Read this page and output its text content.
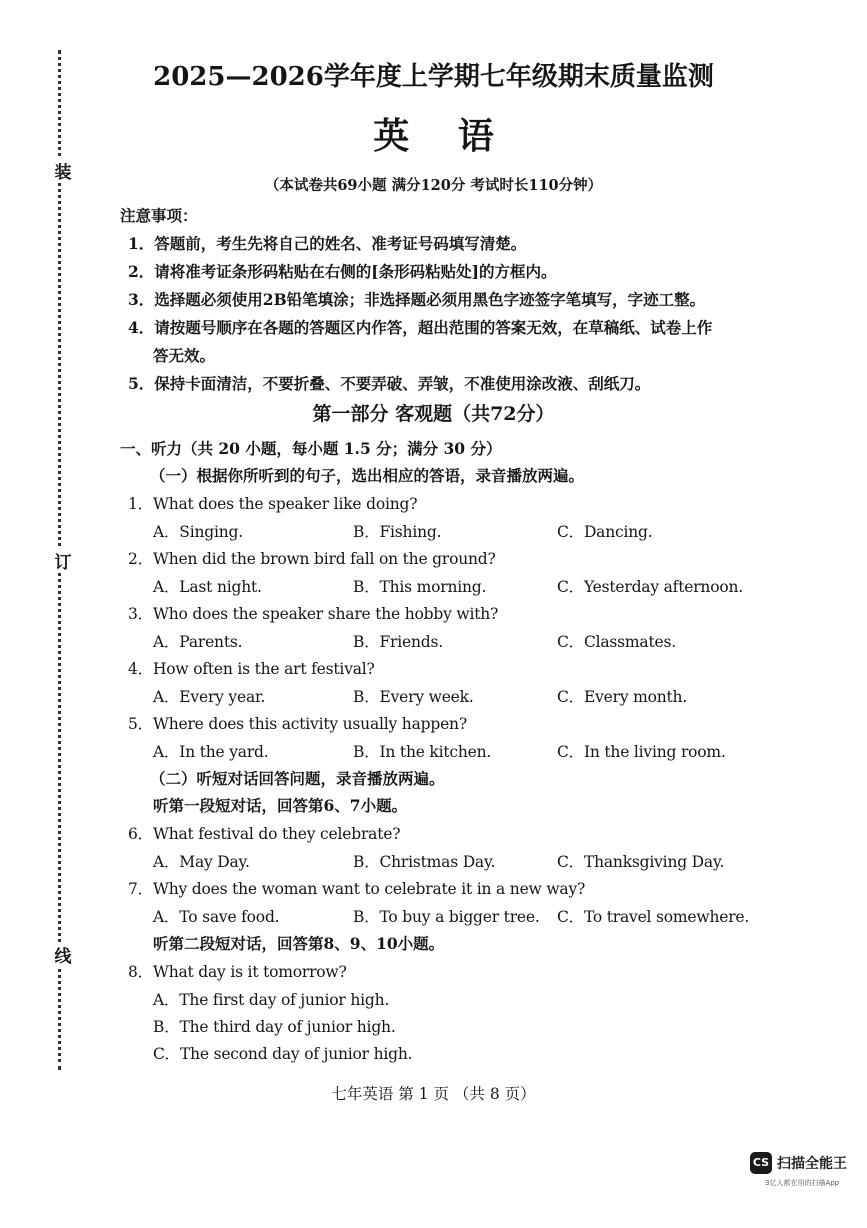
装
订
线
2025—2026学年度上学期七年级期末质量监测
英 语
（本试卷共69小题 满分120分 考试时长110分钟）
注意事项：
1．答题前，考生先将自己的姓名、准考证号码填写清楚。
2．请将准考证条形码粘贴在右侧的[条形码粘贴处]的方框内。
3．选择题必须使用2B铅笔填涂；非选择题必须用黑色字迹签字笔填写，字迹工整。
4．请按题号顺序在各题的答题区内作答，超出范围的答案无效，在草稿纸、试卷上作
答无效。
5．保持卡面清洁，不要折叠、不要弄破、弄皱，不准使用涂改液、刮纸刀。
第一部分 客观题（共72分）
一、听力（共 20 小题，每小题 1.5 分；满分 30 分）
（一）根据你所听到的句子，选出相应的答语，录音播放两遍。
1．What does the speaker like doing?
A．Singing.	B．Fishing.	C．Dancing.
2．When did the brown bird fall on the ground?
A．Last night.	B．This morning.	C．Yesterday afternoon.
3．Who does the speaker share the hobby with?
A．Parents.	B．Friends.	C．Classmates.
4．How often is the art festival?
A．Every year.	B．Every week.	C．Every month.
5．Where does this activity usually happen?
A．In the yard.	B．In the kitchen.	C．In the living room.
（二）听短对话回答问题，录音播放两遍。
听第一段短对话，回答第6、7小题。
6．What festival do they celebrate?
A．May Day.	B．Christmas Day.	C．Thanksgiving Day.
7．Why does the woman want to celebrate it in a new way?
A．To save food.	B．To buy a bigger tree. C．To travel somewhere.
听第二段短对话，回答第8、9、10小题。
8．What day is it tomorrow?
A．The first day of junior high.
B．The third day of junior high.
C．The second day of junior high.
七年英语 第 1 页 （共 8 页）
CS 扫描全能王
3亿人都在用的扫描App
